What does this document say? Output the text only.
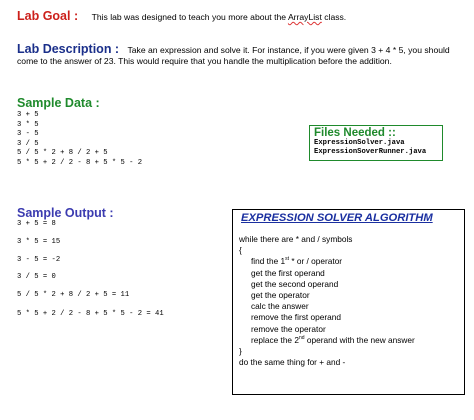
Lab Goal : This lab was designed to teach you more about the ArrayList class.
Lab Description : Take an expression and solve it. For instance, if you were given 3 + 4 * 5, you should come to the answer of 23. This would require that you handle the multiplication before the addition.
Sample Data :
3 + 5
3 * 5
3 - 5
3 / 5
5 / 5 * 2 + 8 / 2 + 5
5 * 5 + 2 / 2 - 8 + 5 * 5 - 2
Files Needed ::
ExpressionSolver.java
ExpressionSoverRunner.java
Sample Output :
3 + 5 = 8
3 * 5 = 15
3 - 5 = -2
3 / 5 = 0
5 / 5 * 2 + 8 / 2 + 5 = 11
5 * 5 + 2 / 2 - 8 + 5 * 5 - 2 = 41
EXPRESSION SOLVER ALGORITHM
while there are * and / symbols
{
find the 1st * or / operator
get the first operand
get the second operand
get the operator
calc the answer
remove the first operand
remove the operator
replace the 2nd operand with the new answer
}
do the same thing for + and -
